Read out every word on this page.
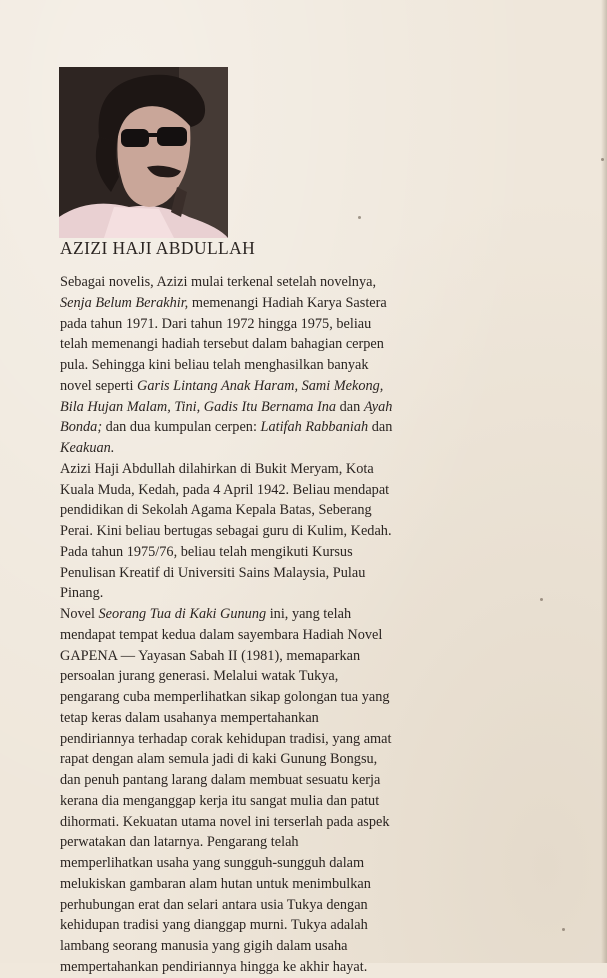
AZIZI HAJI ABDULLAH
Sebagai novelis, Azizi mulai terkenal setelah novelnya,
Senja Belum Berakhir, memenangi Hadiah Karya Sastera
pada tahun 1971. Dari tahun 1972 hingga 1975, beliau
telah memenangi hadiah tersebut dalam bahagian cerpen
pula. Sehingga kini beliau telah menghasilkan banyak
novel seperti Garis Lintang Anak Haram, Sami Mekong,
Bila Hujan Malam, Tini, Gadis Itu Bernama Ina dan Ayah
Bonda; dan dua kumpulan cerpen: Latifah Rabbaniah dan
Keakuan.
Azizi Haji Abdullah dilahirkan di Bukit Meryam, Kota
Kuala Muda, Kedah, pada 4 April 1942. Beliau mendapat
pendidikan di Sekolah Agama Kepala Batas, Seberang
Perai. Kini beliau bertugas sebagai guru di Kulim, Kedah.
Pada tahun 1975/76, beliau telah mengikuti Kursus
Penulisan Kreatif di Universiti Sains Malaysia, Pulau
Pinang.
Novel Seorang Tua di Kaki Gunung ini, yang telah
mendapat tempat kedua dalam sayembara Hadiah Novel
GAPENA — Yayasan Sabah II (1981), memaparkan
persoalan jurang generasi. Melalui watak Tukya,
pengarang cuba memperlihatkan sikap golongan tua yang
tetap keras dalam usahanya mempertahankan
pendiriannya terhadap corak kehidupan tradisi, yang amat
rapat dengan alam semula jadi di kaki Gunung Bongsu,
dan penuh pantang larang dalam membuat sesuatu kerja
kerana dia menganggap kerja itu sangat mulia dan patut
dihormati. Kekuatan utama novel ini terserlah pada aspek
perwatakan dan latarnya. Pengarang telah
memperlihatkan usaha yang sungguh-sungguh dalam
melukiskan gambaran alam hutan untuk menimbulkan
perhubungan erat dan selari antara usia Tukya dengan
kehidupan tradisi yang dianggap murni. Tukya adalah
lambang seorang manusia yang gigih dalam usaha
mempertahankan pendiriannya hingga ke akhir hayat.
